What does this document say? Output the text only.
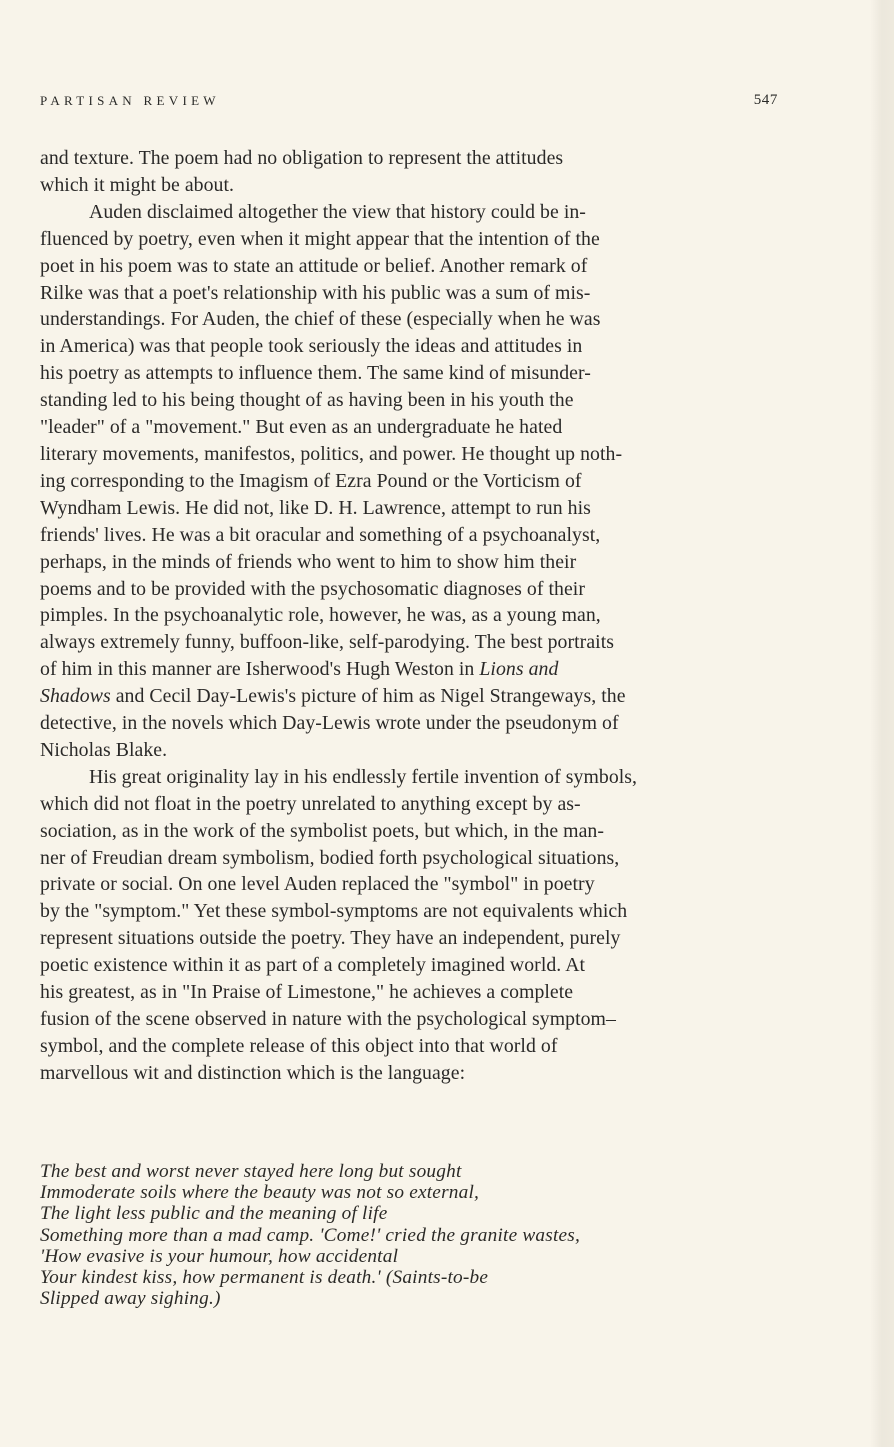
PARTISAN REVIEW	547
and texture. The poem had no obligation to represent the attitudes
which it might be about.
Auden disclaimed altogether the view that history could be in-
fluenced by poetry, even when it might appear that the intention of the
poet in his poem was to state an attitude or belief. Another remark of
Rilke was that a poet's relationship with his public was a sum of mis-
understandings. For Auden, the chief of these (especially when he was
in America) was that people took seriously the ideas and attitudes in
his poetry as attempts to influence them. The same kind of misunder-
standing led to his being thought of as having been in his youth the
"leader" of a "movement." But even as an undergraduate he hated
literary movements, manifestos, politics, and power. He thought up noth-
ing corresponding to the Imagism of Ezra Pound or the Vorticism of
Wyndham Lewis. He did not, like D. H. Lawrence, attempt to run his
friends' lives. He was a bit oracular and something of a psychoanalyst,
perhaps, in the minds of friends who went to him to show him their
poems and to be provided with the psychosomatic diagnoses of their
pimples. In the psychoanalytic role, however, he was, as a young man,
always extremely funny, buffoon-like, self-parodying. The best portraits
of him in this manner are Isherwood's Hugh Weston in Lions and
Shadows and Cecil Day-Lewis's picture of him as Nigel Strangeways, the
detective, in the novels which Day-Lewis wrote under the pseudonym of
Nicholas Blake.
His great originality lay in his endlessly fertile invention of symbols,
which did not float in the poetry unrelated to anything except by as-
sociation, as in the work of the symbolist poets, but which, in the man-
ner of Freudian dream symbolism, bodied forth psychological situations,
private or social. On one level Auden replaced the "symbol" in poetry
by the "symptom." Yet these symbol-symptoms are not equivalents which
represent situations outside the poetry. They have an independent, purely
poetic existence within it as part of a completely imagined world. At
his greatest, as in "In Praise of Limestone," he achieves a complete
fusion of the scene observed in nature with the psychological symptom–
symbol, and the complete release of this object into that world of
marvellous wit and distinction which is the language:
The best and worst never stayed here long but sought
Immoderate soils where the beauty was not so external,
The light less public and the meaning of life
Something more than a mad camp. 'Come!' cried the granite wastes,
'How evasive is your humour, how accidental
Your kindest kiss, how permanent is death.' (Saints-to-be
Slipped away sighing.)
